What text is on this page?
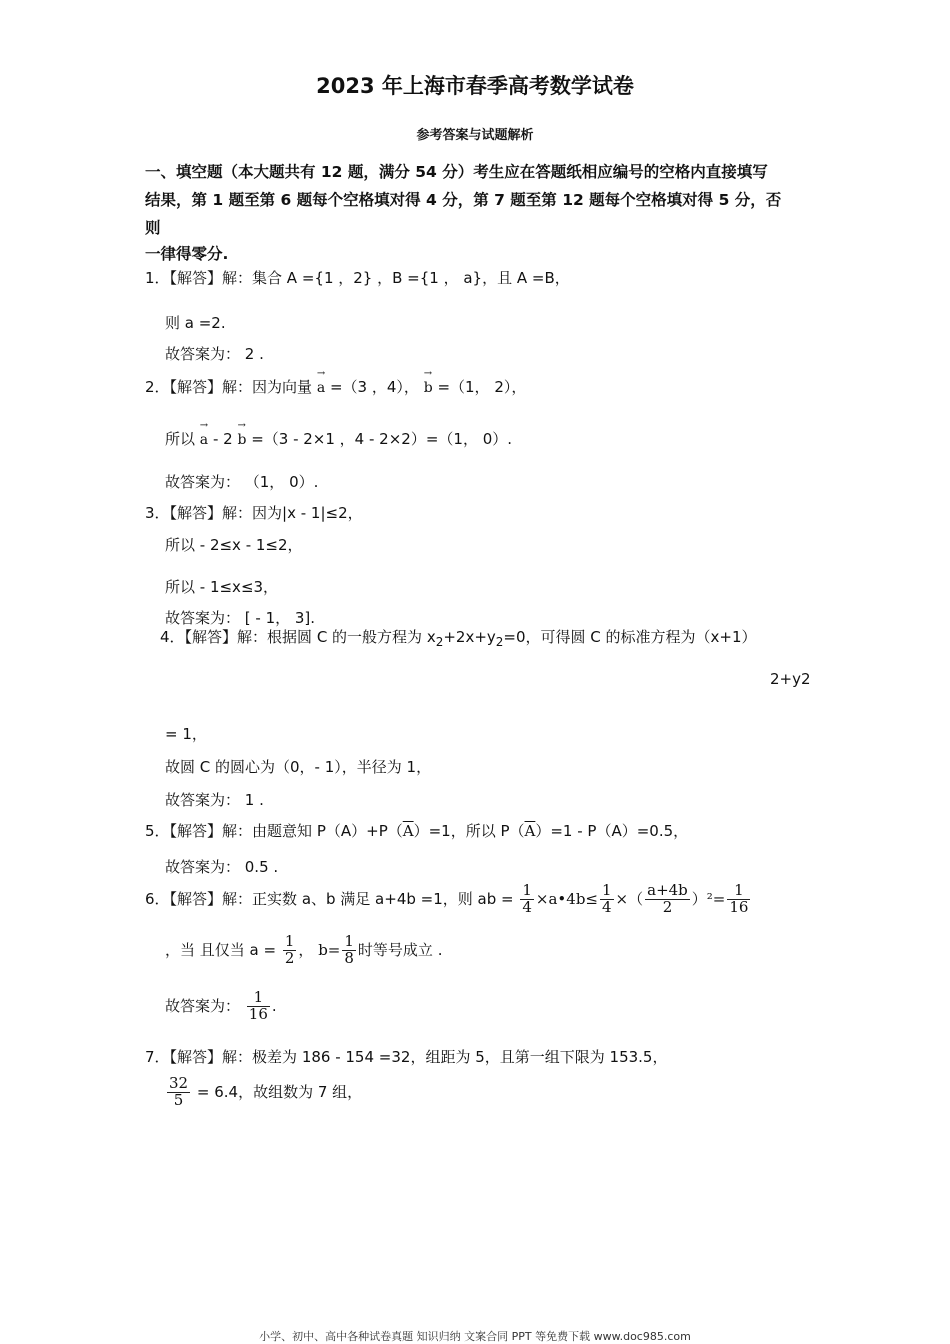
2023 年上海市春季高考数学试卷
参考答案与试题解析
一、填空题（本大题共有 12 题，满分 54 分）考生应在答题纸相应编号的空格内直接填写
结果，第 1 题至第 6 题每个空格填对得 4 分，第 7 题至第 12 题每个空格填对得 5 分，否
则
一律得零分.
1．【解答】解：集合 A ={1 ，2} ，B ={1 ， a}，且 A =B，
则 a =2.
故答案为： 2 .
2．【解答】解：因为向量 → a =（3 ，4）， → b =（1， 2），
所以 → a - 2 → b =（3 - 2×1 ，4 - 2×2）=（1， 0）.
故答案为： （1， 0）.
3．【解答】解：因为|x - 1|≤2，
所以 - 2≤x - 1≤2，
所以 - 1≤x≤3，
故答案为： [ - 1， 3].
4．【解答】解：根据圆 C 的一般方程为 $x_2+2x+y_2=0$，可得圆 C 的标准方程为（x+1）
2+y2
= 1，
故圆 C 的圆心为（0，- 1），半径为 1，
故答案为： 1 .
5．【解答】解：由题意知 $P(A)+P(\overline{A})=1$，所以 $P(\overline{A})=1 - P(A)=0.5$，
故答案为： 0.5 .
6．【解答】解：正实数 a、b 满足 a+4b =1，则 ab = $\frac{1}{4}$ ×a•4b≤ $\frac{1}{4}$ ×（ $\frac{a+4b}{2} )^2= \frac{1}{16}$
，当 且仅当 $a = \frac{1}{2}$ ， $b= \frac{1}{8}$ 时等号成立 .
故答案为： $\frac{1}{16}$ .
7．【解答】解：极差为 186 - 154 =32，组距为 5，且第一组下限为 153.5，
$\frac{32}{5} = 6.4$，故组数为 7 组，
小学、初中、高中各种试卷真题 知识归纳 文案合同 PPT 等免费下载 www.doc985.com
